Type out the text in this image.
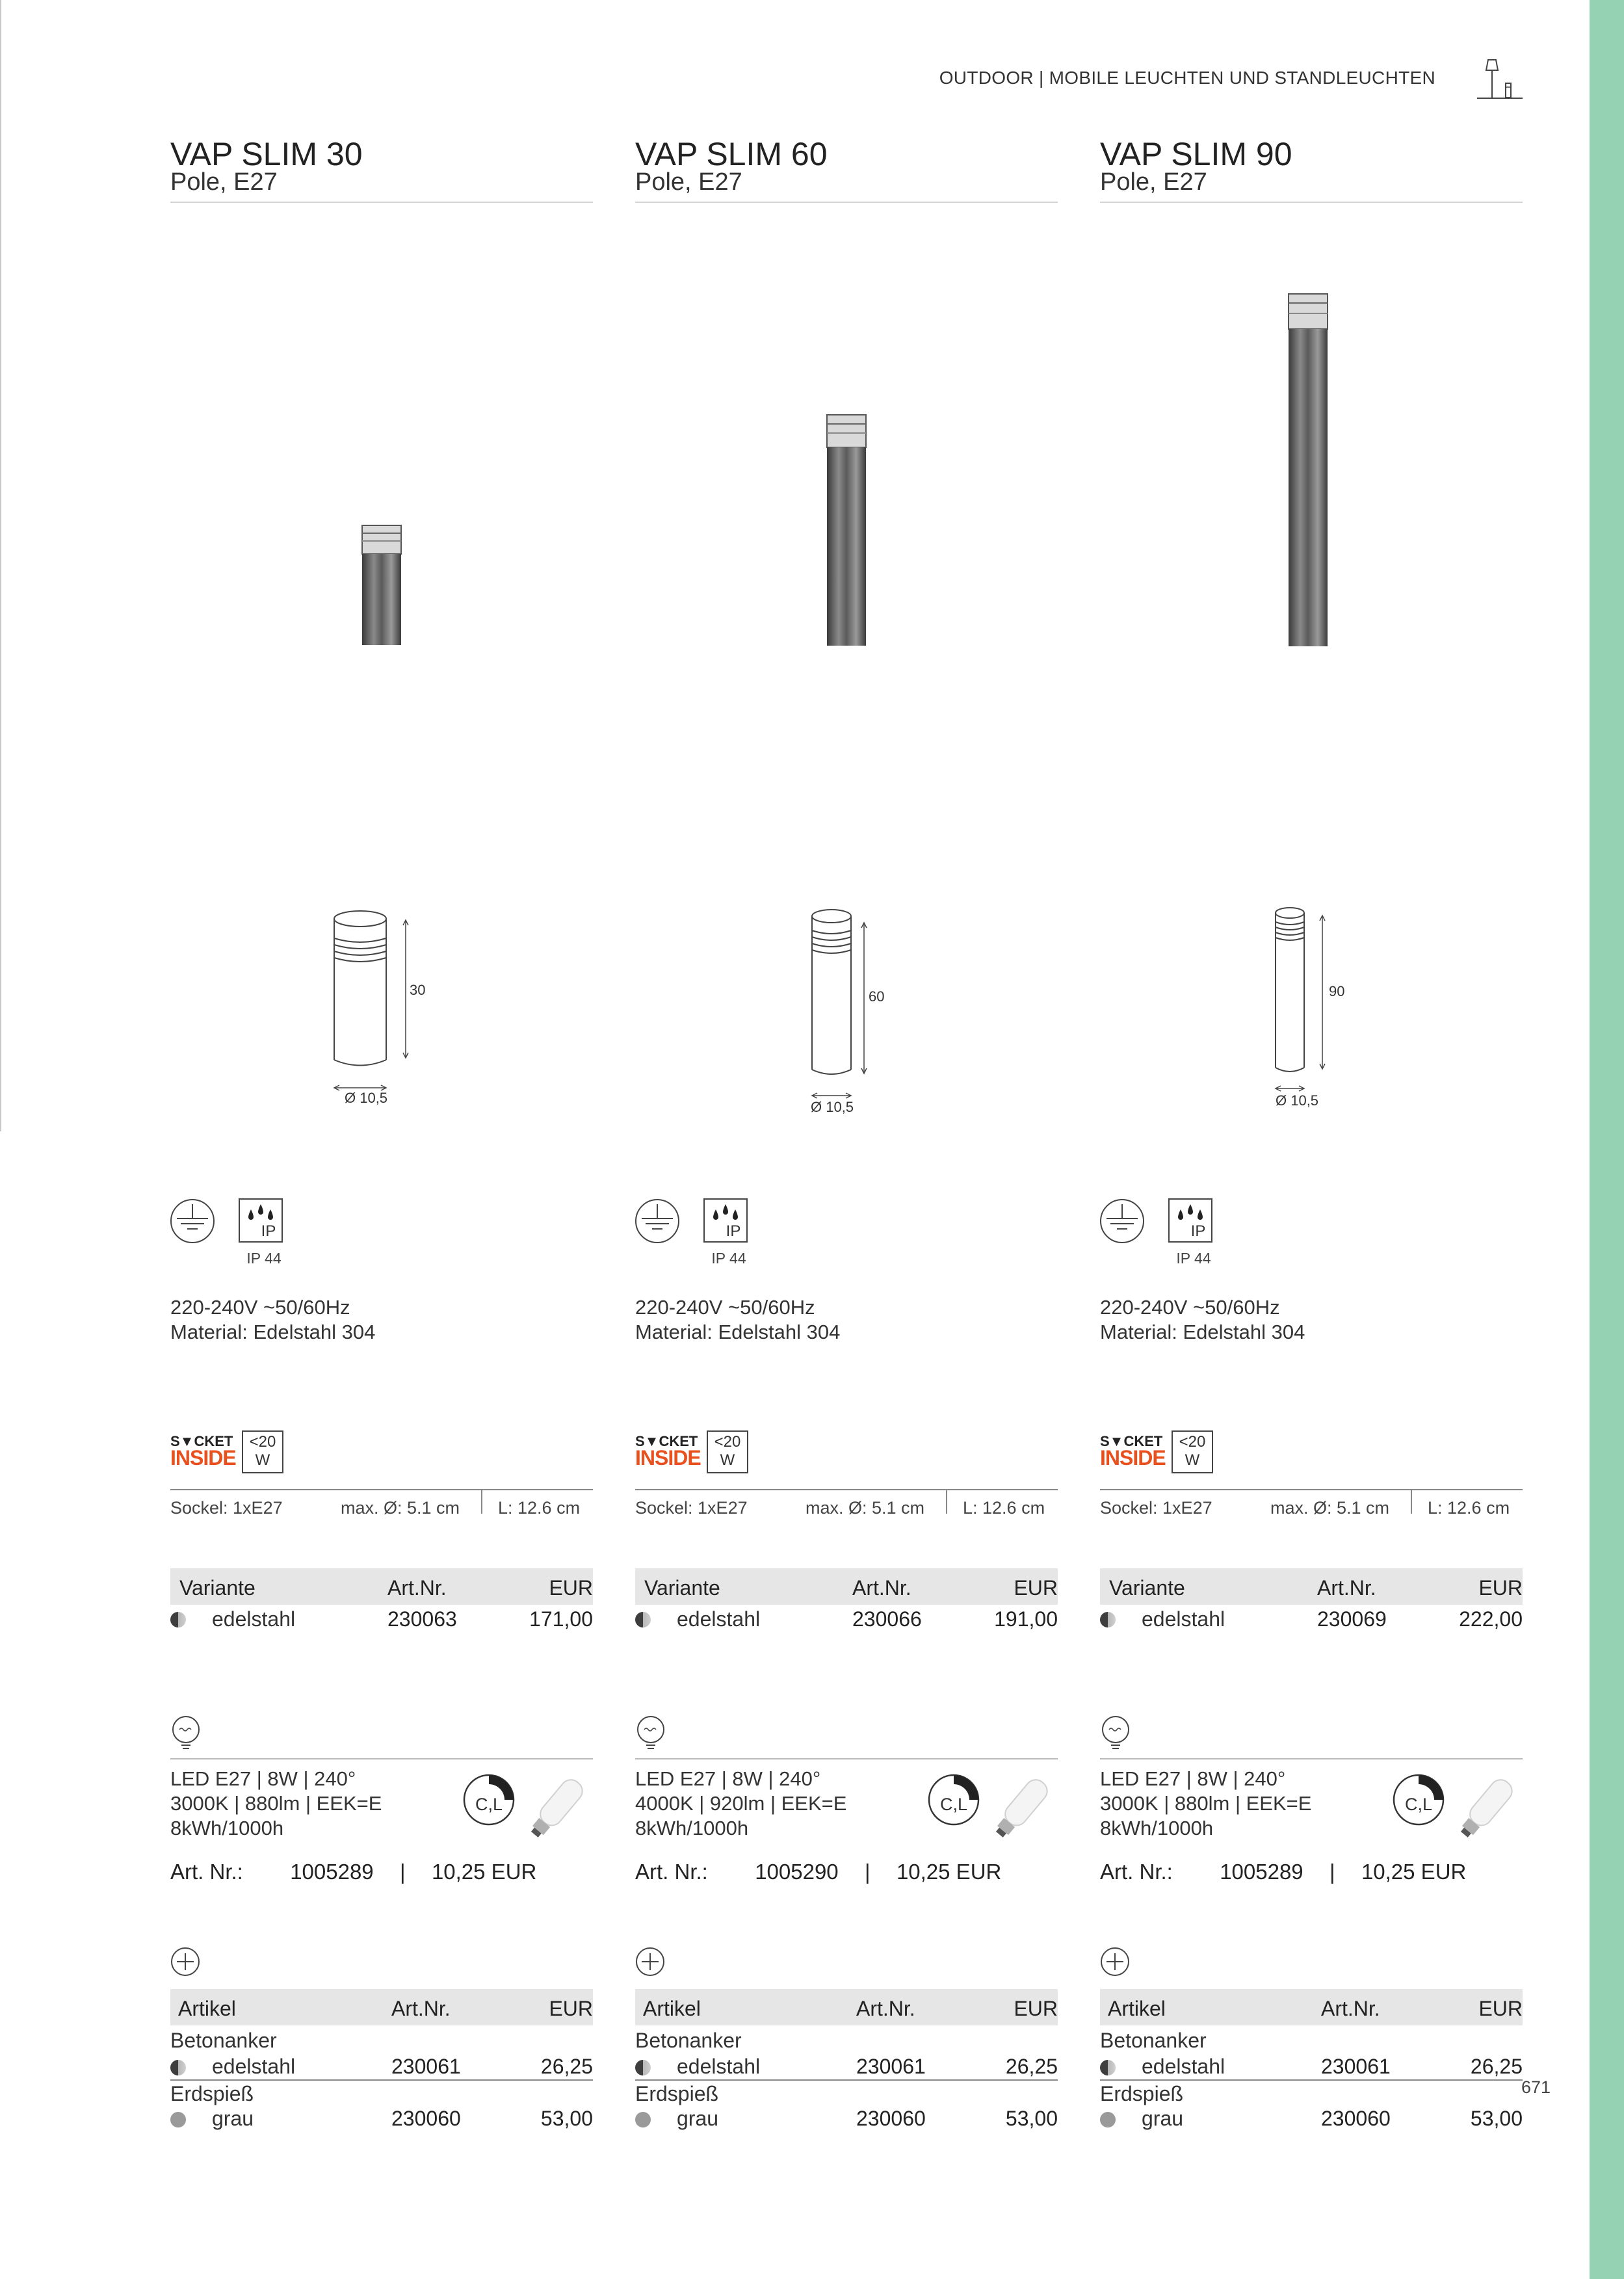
OUTDOOR | MOBILE LEUCHTEN UND STANDLEUCHTEN
VAP SLIM 30
Pole, E27
30
Ø 10,5
IP
IP 44
220-240V ~50/60Hz
Material: Edelstahl 304
S▼CKET
INSIDE
<20
W
Sockel: 1xE27	max. Ø: 5.1 cm L: 12.6 cm
Variante	Art.Nr.	EUR
edelstahl	230063	171,00
LED E27 | 8W | 240°
3000K | 880lm | EEK=E
8kWh/1000h
C,L
Art. Nr.: 1005289 | 10,25 EUR
Artikel	Art.Nr.	EUR
Betonanker
edelstahl	230061	26,25
Erdspieß
grau	230060	53,00
VAP SLIM 60
Pole, E27
60
Ø 10,5
IP
IP 44
220-240V ~50/60Hz
Material: Edelstahl 304
S▼CKET
INSIDE
<20
W
Sockel: 1xE27	max. Ø: 5.1 cm L: 12.6 cm
Variante	Art.Nr.	EUR
edelstahl	230066	191,00
LED E27 | 8W | 240°
4000K | 920lm | EEK=E
8kWh/1000h
C,L
Art. Nr.: 1005290 | 10,25 EUR
Artikel	Art.Nr.	EUR
Betonanker
edelstahl	230061	26,25
Erdspieß
grau	230060	53,00
VAP SLIM 90
Pole, E27
90
Ø 10,5
IP
IP 44
220-240V ~50/60Hz
Material: Edelstahl 304
S▼CKET
INSIDE
<20
W
Sockel: 1xE27	max. Ø: 5.1 cm L: 12.6 cm
Variante	Art.Nr.	EUR
edelstahl	230069	222,00
LED E27 | 8W | 240°
3000K | 880lm | EEK=E
8kWh/1000h
C,L
Art. Nr.: 1005289 | 10,25 EUR
Artikel	Art.Nr.	EUR
Betonanker
edelstahl	230061	26,25
Erdspieß
grau	230060	53,00
671
